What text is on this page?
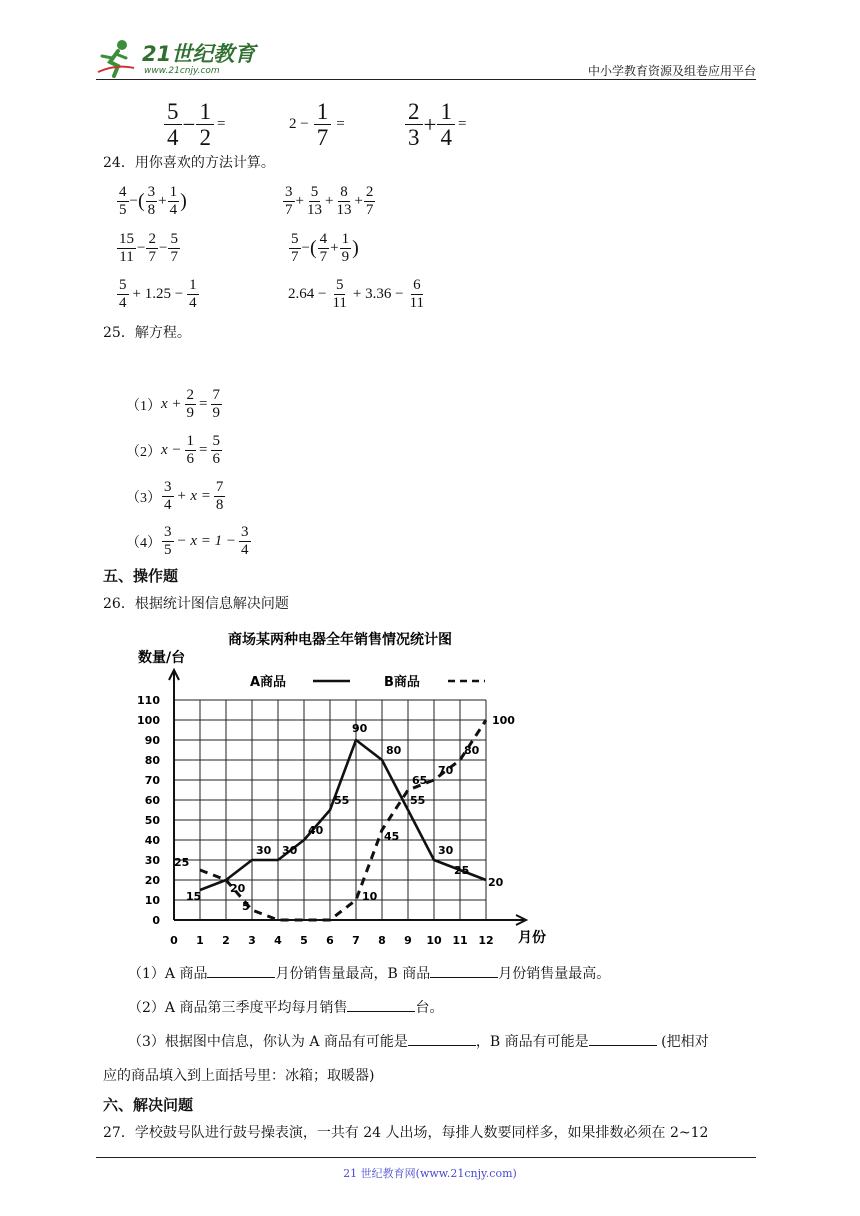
21世纪教育
www.21cnjy.com	中小学教育资源及组卷应用平台
$\frac{5}{4} - \frac{1}{2}$ =	$2 - \frac{1}{7}$ =	$\frac{2}{3} + \frac{1}{4}$ =
24．用你喜欢的方法计算。
$\frac{4}{5}$ − ( $\frac{3}{8} + \frac{1}{4}$ )	$\frac{3}{7} + \frac{5}{13} + \frac{8}{13} + \frac{2}{7}$
$\frac{15}{11} - \frac{2}{7} - \frac{5}{7}$	$\frac{5}{7}$ − ( $\frac{4}{7} + \frac{1}{9}$ )
$\frac{5}{4} + 1.25 - \frac{1}{4}$	$2.64 - \frac{5}{11} + 3.36 - \frac{6}{11}$
25．解方程。
（1） $x + \frac{2}{9} = \frac{7}{9}$
（2） $x - \frac{1}{6} = \frac{5}{6}$
$(3) \frac{3}{4} + x = \frac{7}{8}$
$(4) \frac{3}{5} - x = 1 - \frac{3}{4}$
五、操作题
26．根据统计图信息解决问题
商场某两种电器全年销售情况统计图
数量/台
月份
A商品	B商品
0
10
20
30
40
50
60
70
80
90
100
110
0 1 2 3 4 5 6 7 8 9 10 11 12
15
30 30
40
55
90
80
55
30
25
20
25
20
5
10
45
65
70
80
100
（1）A 商品	月份销售量最高，B 商品	月份销售量最高。
（2）A 商品第三季度平均每月销售	台。
（3）根据图中信息，你认为 A 商品有可能是	，B 商品有可能是	(把相对
应的商品填入到上面括号里：冰箱；取暖器)
六、解决问题
27．学校鼓号队进行鼓号操表演，一共有 24 人出场，每排人数要同样多，如果排数必须在 2~12
21 世纪教育网(www.21cnjy.com)
